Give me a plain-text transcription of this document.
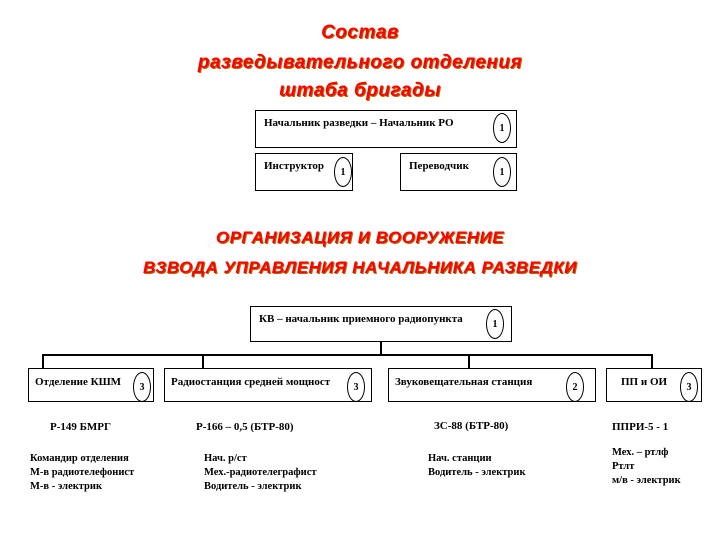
Состав
разведывательного отделения
штаба бригады
Начальник разведки – Начальник РО	1
Инструктор	1	Переводчик	1
ОРГАНИЗАЦИЯ И ВООРУЖЕНИЕ
ВЗВОДА УПРАВЛЕНИЯ НАЧАЛЬНИКА РАЗВЕДКИ
КВ – начальник приемного радиопункта	1
Отделение КШМ	3	Радиостанция средней мощност	3	Звуковещательная станция	2	ПП и ОИ	3
Р-149 БМРГ	Р-166 – 0,5 (БТР-80)	ЗС-88 (БТР-80)	ППРИ-5 - 1
Командир отделения
М-в радиотелефонист
М-в - электрик
Нач. р/ст
Мех.-радиотелеграфист
Водитель - электрик
Нач. станции
Водитель - электрик
Мех. – ртлф
Ртлт
м/в - электрик
